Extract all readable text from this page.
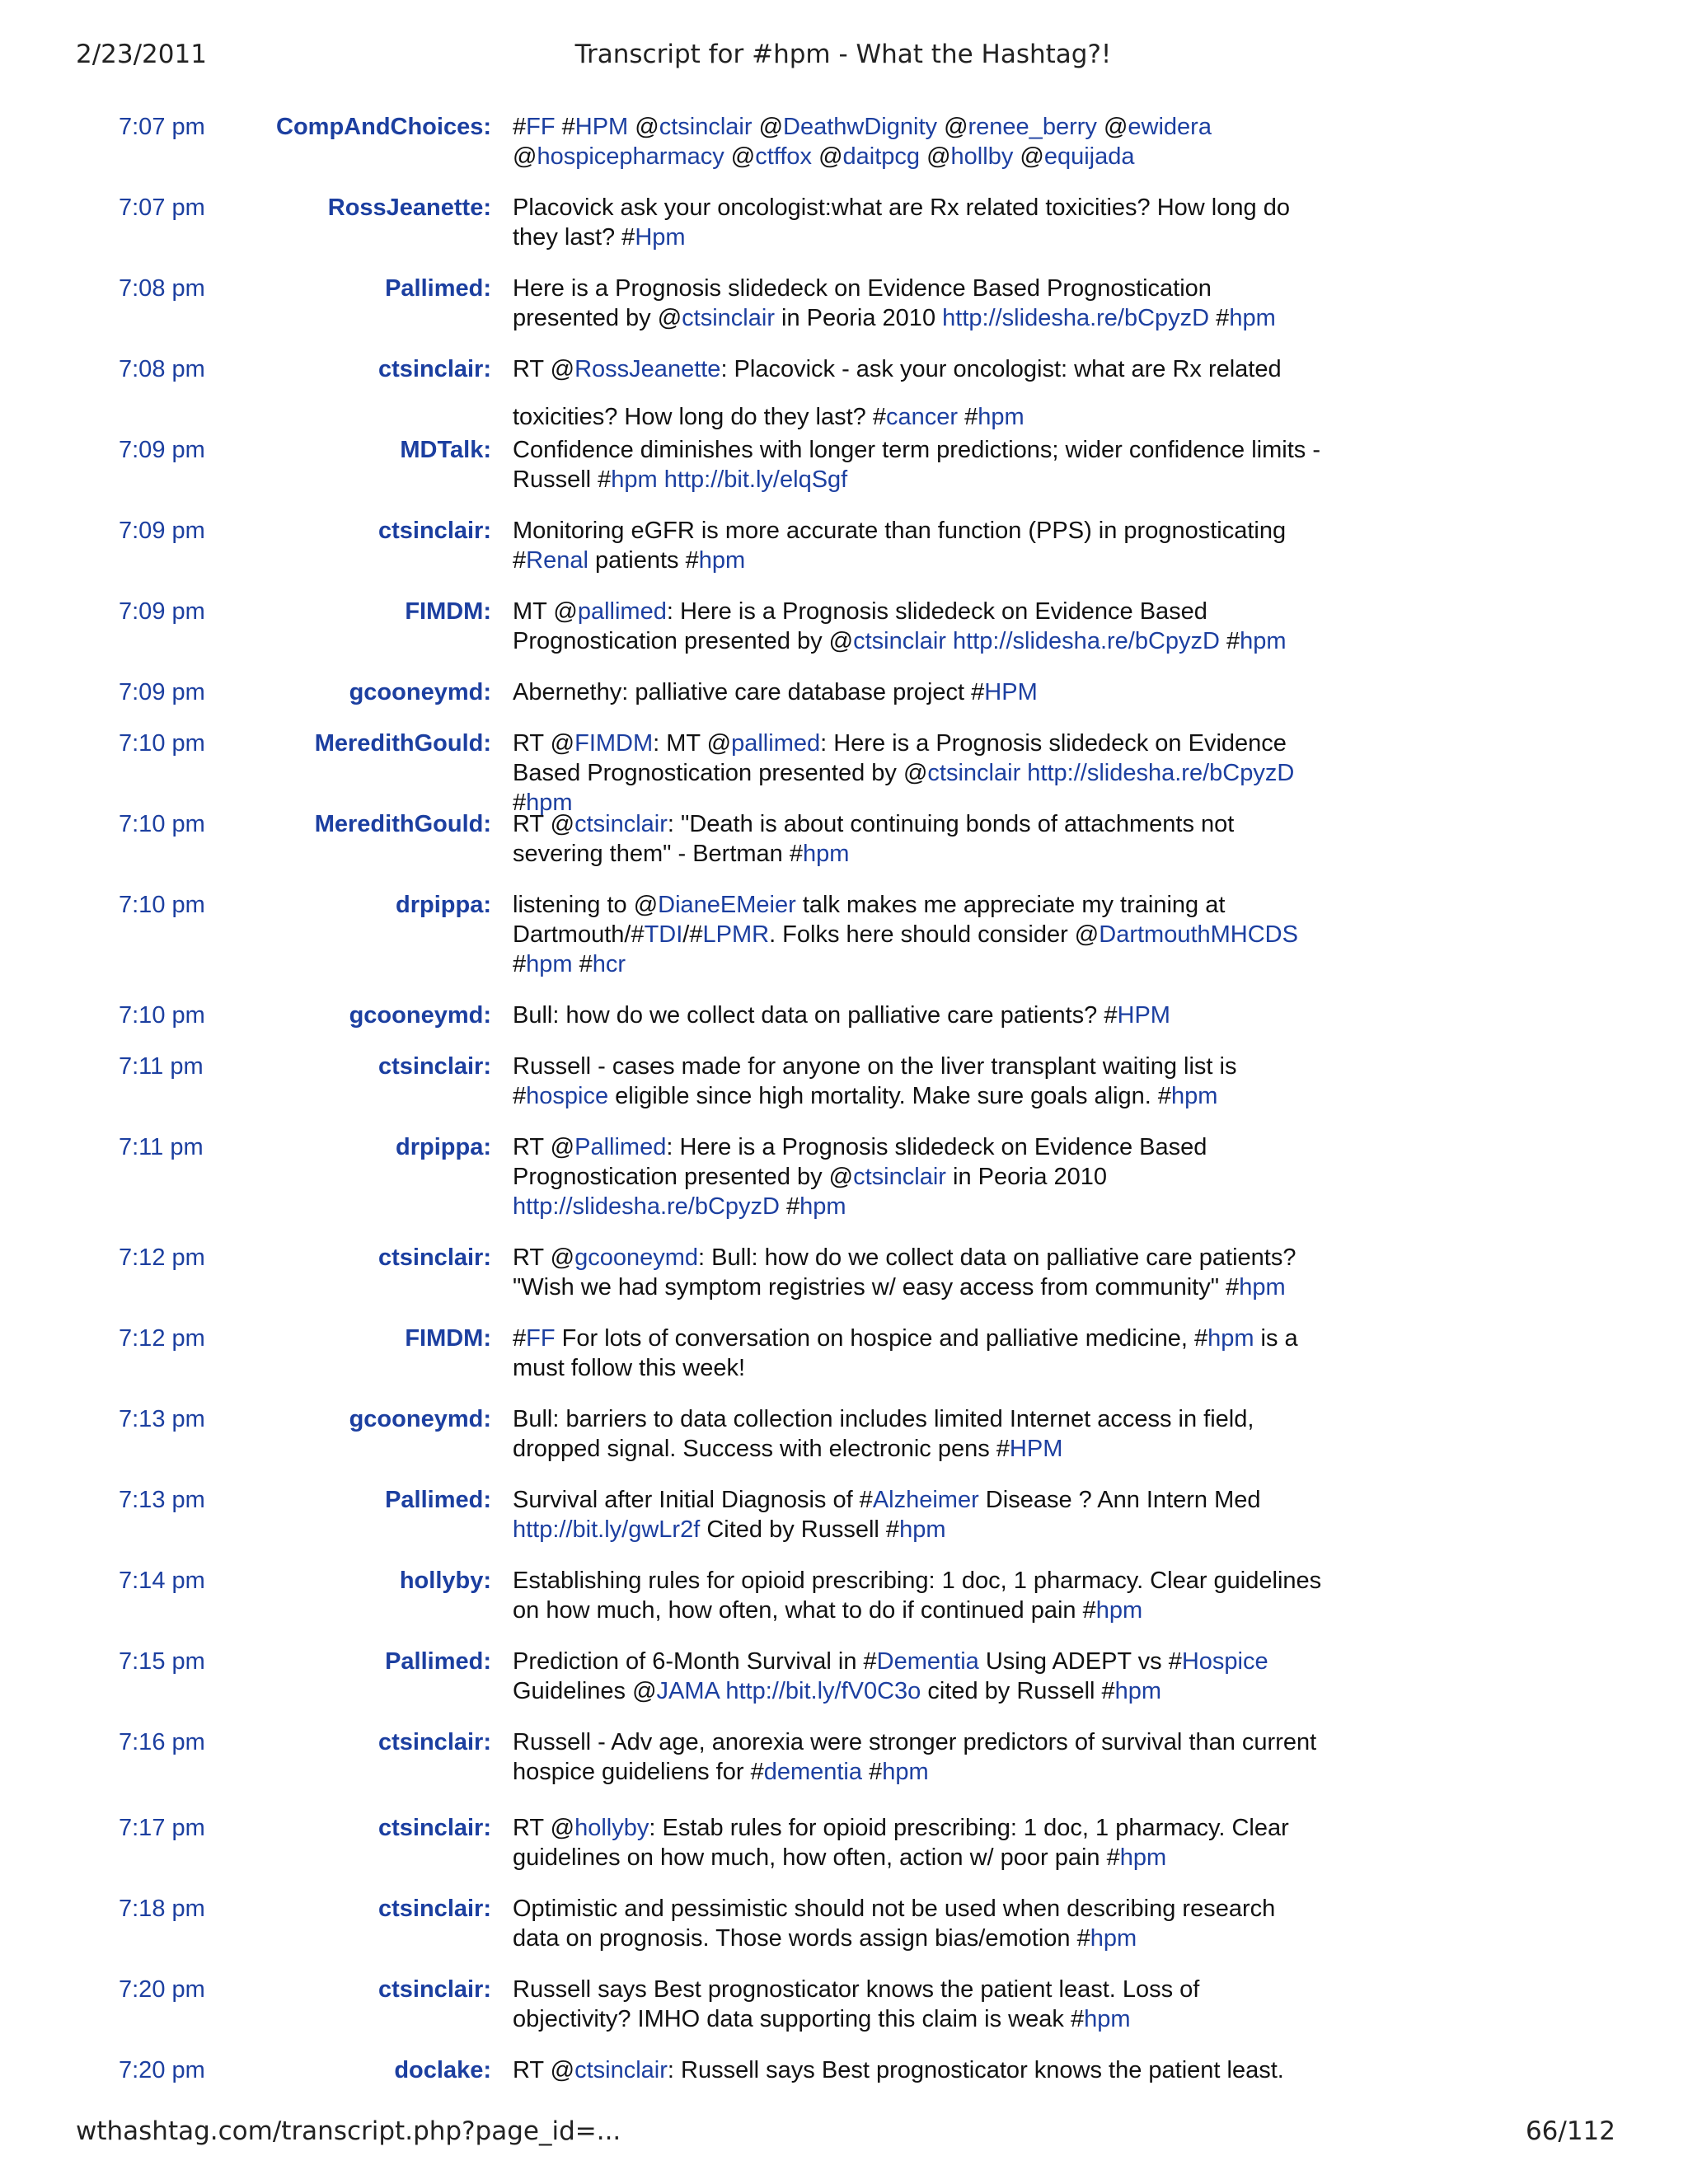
2/23/2011	Transcript for #hpm - What the Hashtag?!
7:07 pm	CompAndChoices: #FF #HPM @ctsinclair @DeathwDignity @renee_berry @ewidera
@hospicepharmacy @ctffox @daitpcg @hollby @equijada
7:07 pm	RossJeanette: Placovick ask your oncologist:what are Rx related toxicities? How long do
they last? #Hpm
7:08 pm	Pallimed: Here is a Prognosis slidedeck on Evidence Based Prognostication
presented by @ctsinclair in Peoria 2010 http://slidesha.re/bCpyzD #hpm
7:08 pm	ctsinclair: RT @RossJeanette: Placovick - ask your oncologist: what are Rx related
toxicities? How long do they last? #cancer #hpm
7:09 pm	MDTalk: Confidence diminishes with longer term predictions; wider confidence limits -
Russell #hpm http://bit.ly/elqSgf
7:09 pm	ctsinclair: Monitoring eGFR is more accurate than function (PPS) in prognosticating
#Renal patients #hpm
7:09 pm	FIMDM: MT @pallimed: Here is a Prognosis slidedeck on Evidence Based
Prognostication presented by @ctsinclair http://slidesha.re/bCpyzD #hpm
7:09 pm	gcooneymd: Abernethy: palliative care database project #HPM
7:10 pm	MeredithGould: RT @FIMDM: MT @pallimed: Here is a Prognosis slidedeck on Evidence
Based Prognostication presented by @ctsinclair http://slidesha.re/bCpyzD
#hpm
7:10 pm	MeredithGould: RT @ctsinclair: "Death is about continuing bonds of attachments not
severing them" - Bertman #hpm
7:10 pm	drpippa: listening to @DianeEMeier talk makes me appreciate my training at
Dartmouth/#TDI/#LPMR. Folks here should consider @DartmouthMHCDS
#hpm #hcr
7:10 pm	gcooneymd: Bull: how do we collect data on palliative care patients? #HPM
7:11 pm	ctsinclair: Russell - cases made for anyone on the liver transplant waiting list is
#hospice eligible since high mortality. Make sure goals align. #hpm
7:11 pm	drpippa: RT @Pallimed: Here is a Prognosis slidedeck on Evidence Based
Prognostication presented by @ctsinclair in Peoria 2010
http://slidesha.re/bCpyzD #hpm
7:12 pm	ctsinclair: RT @gcooneymd: Bull: how do we collect data on palliative care patients?
"Wish we had symptom registries w/ easy access from community" #hpm
7:12 pm	FIMDM: #FF For lots of conversation on hospice and palliative medicine, #hpm is a
must follow this week!
7:13 pm	gcooneymd: Bull: barriers to data collection includes limited Internet access in field,
dropped signal. Success with electronic pens #HPM
7:13 pm	Pallimed: Survival after Initial Diagnosis of #Alzheimer Disease ? Ann Intern Med
http://bit.ly/gwLr2f Cited by Russell #hpm
7:14 pm	hollyby: Establishing rules for opioid prescribing: 1 doc, 1 pharmacy. Clear guidelines
on how much, how often, what to do if continued pain #hpm
7:15 pm	Pallimed: Prediction of 6-Month Survival in #Dementia Using ADEPT vs #Hospice
Guidelines @JAMA http://bit.ly/fV0C3o cited by Russell #hpm
7:16 pm	ctsinclair: Russell - Adv age, anorexia were stronger predictors of survival than current
hospice guideliens for #dementia #hpm
7:17 pm	ctsinclair: RT @hollyby: Estab rules for opioid prescribing: 1 doc, 1 pharmacy. Clear
guidelines on how much, how often, action w/ poor pain #hpm
7:18 pm	ctsinclair: Optimistic and pessimistic should not be used when describing research
data on prognosis. Those words assign bias/emotion #hpm
7:20 pm	ctsinclair: Russell says Best prognosticator knows the patient least. Loss of
objectivity? IMHO data supporting this claim is weak #hpm
7:20 pm	doclake: RT @ctsinclair: Russell says Best prognosticator knows the patient least.
wthashtag.com/transcript.php?page_id=...	66/112
